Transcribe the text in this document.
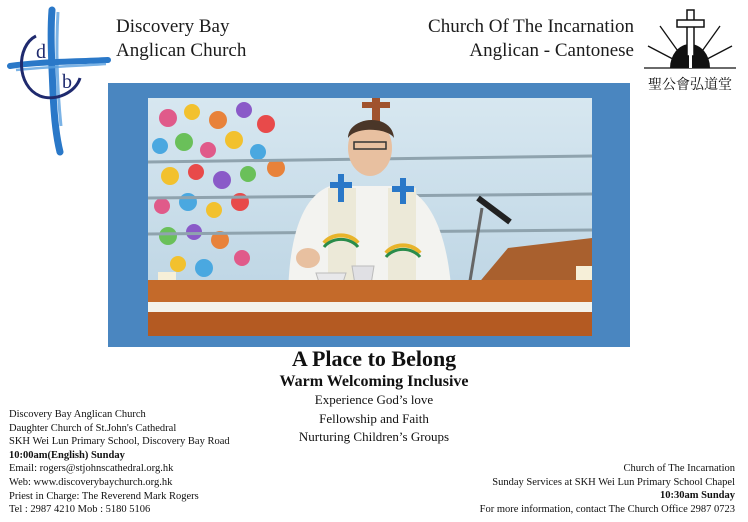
d
b
Discovery Bay
Anglican Church
Church Of The Incarnation
Anglican - Cantonese
聖公會弘道堂
A Place to Belong
Warm Welcoming Inclusive
Experience God’s love
Fellowship and Faith
Nurturing Children’s Groups
Discovery Bay Anglican Church
Daughter Church of St.John's Cathedral
SKH Wei Lun Primary School, Discovery Bay Road
10:00am(English) Sunday
Email: rogers@stjohnscathedral.org.hk
Web: www.discoverybaychurch.org.hk
Priest in Charge: The Reverend Mark Rogers
Tel : 2987 4210 Mob : 5180 5106
Church of The Incarnation
Sunday Services at SKH Wei Lun Primary School Chapel
10:30am Sunday
For more information, contact The Church Office 2987 0723
